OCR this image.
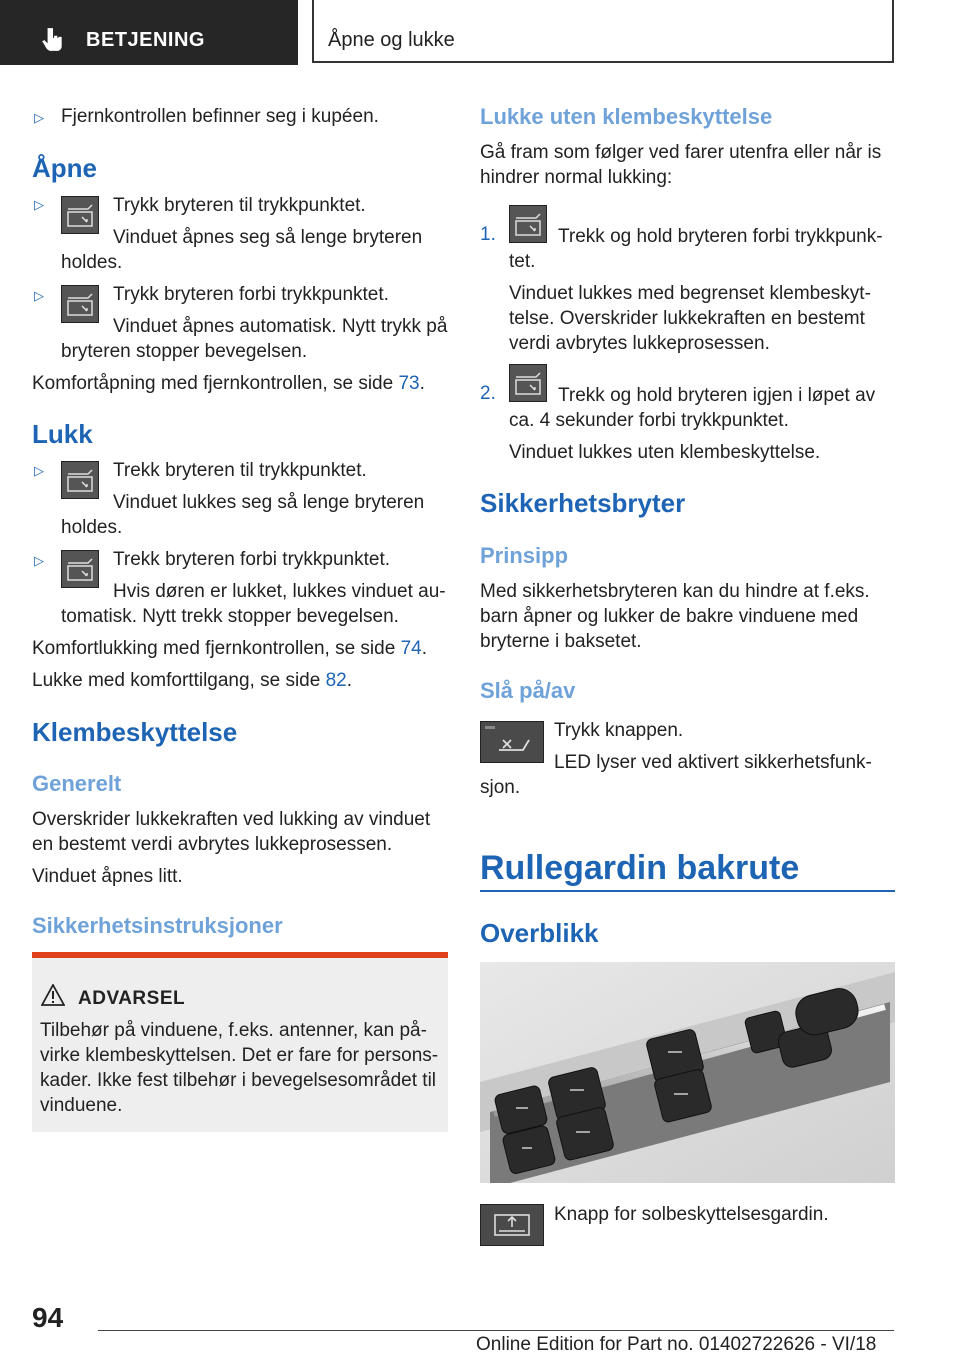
BETJENING	Åpne og lukke
▷ Fjernkontrollen befinner seg i kupéen.
Åpne
▷	Trykk bryteren til trykkpunktet.
Vinduet åpnes seg så lenge bryteren
holdes.
▷	Trykk bryteren forbi trykkpunktet.
Vinduet åpnes automatisk. Nytt trykk på
bryteren stopper bevegelsen.
Komfortåpning med fjernkontrollen, se side 73.
Lukk
▷	Trekk bryteren til trykkpunktet.
Vinduet lukkes seg så lenge bryteren
holdes.
▷	Trekk bryteren forbi trykkpunktet.
Hvis døren er lukket, lukkes vinduet au-
tomatisk. Nytt trekk stopper bevegelsen.
Komfortlukking med fjernkontrollen, se side 74.
Lukke med komforttilgang, se side 82.
Klembeskyttelse
Generelt
Overskrider lukkekraften ved lukking av vinduet
en bestemt verdi avbrytes lukkeprosessen.
Vinduet åpnes litt.
Sikkerhetsinstruksjoner
ADVARSEL
Tilbehør på vinduene, f.eks. antenner, kan på-
virke klembeskyttelsen. Det er fare for persons-
kader. Ikke fest tilbehør i bevegelsesområdet til
vinduene.
Lukke uten klembeskyttelse
Gå fram som følger ved farer utenfra eller når is
hindrer normal lukking:
1.	Trekk og hold bryteren forbi trykkpunk-
tet.
Vinduet lukkes med begrenset klembeskyt-
telse. Overskrider lukkekraften en bestemt
verdi avbrytes lukkeprosessen.
2.	Trekk og hold bryteren igjen i løpet av
ca. 4 sekunder forbi trykkpunktet.
Vinduet lukkes uten klembeskyttelse.
Sikkerhetsbryter
Prinsipp
Med sikkerhetsbryteren kan du hindre at f.eks.
barn åpner og lukker de bakre vinduene med
bryterne i baksetet.
Slå på/av
Trykk knappen.
LED lyser ved aktivert sikkerhetsfunk-
sjon.
Rullegardin bakrute
Overblikk
Knapp for solbeskyttelsesgardin.
94
Online Edition for Part no. 01402722626 - VI/18
